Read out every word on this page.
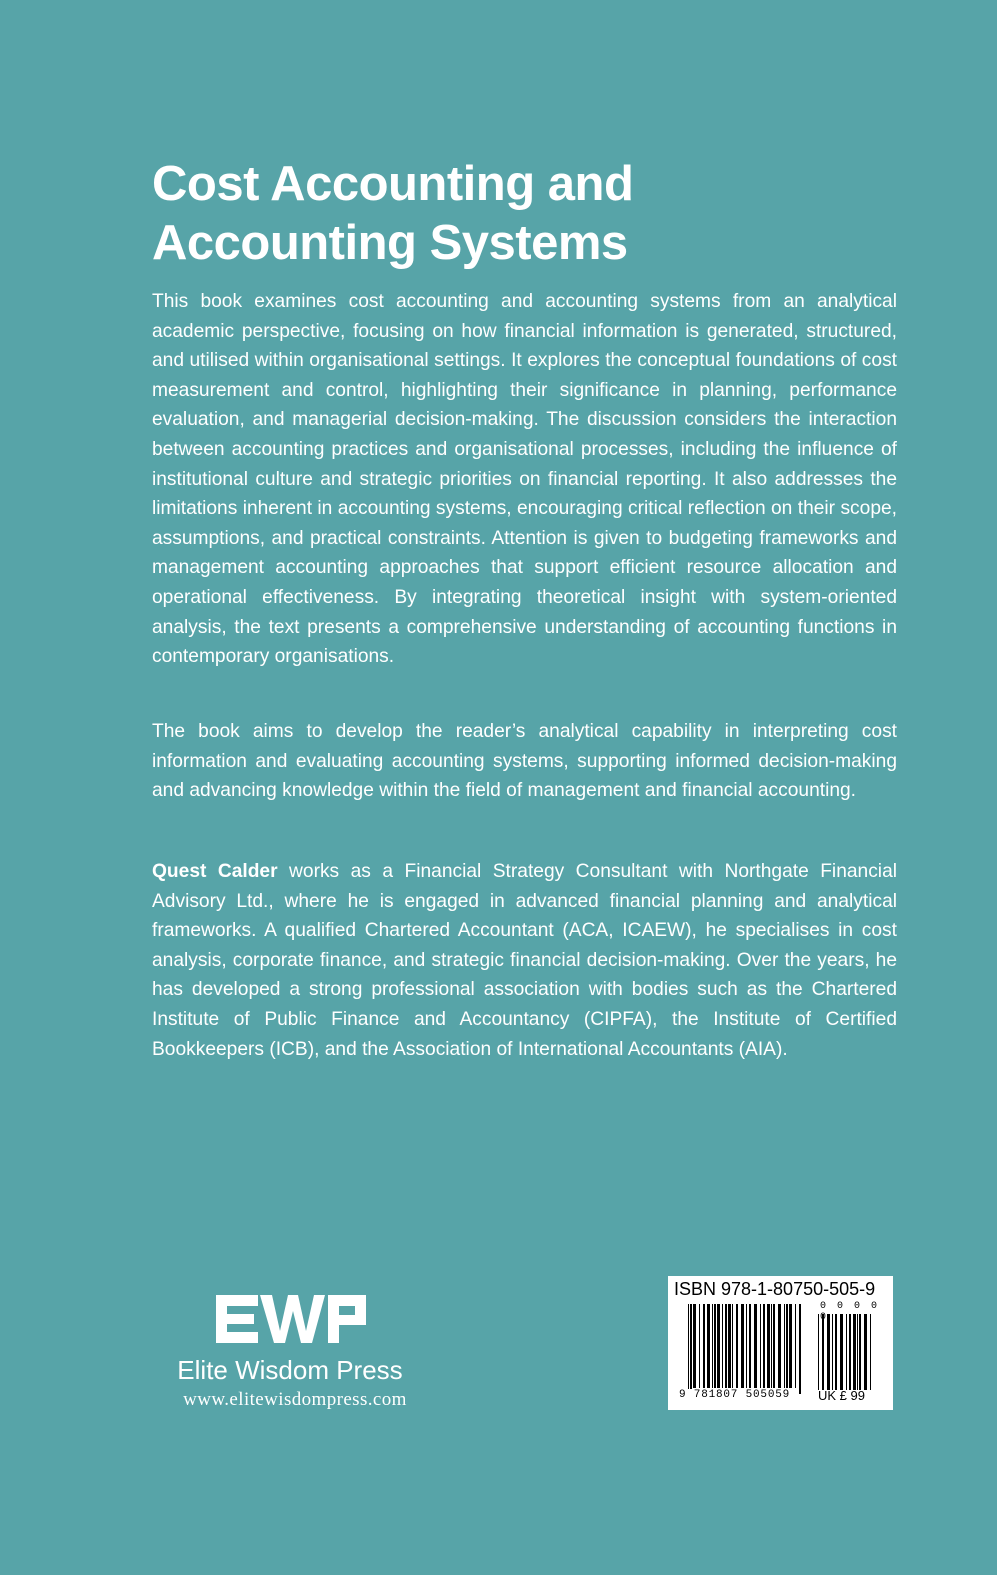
Cost Accounting and
Accounting Systems

This book examines cost accounting and accounting systems from an analytical academic perspective, focusing on how financial information is generated, structured, and utilised within organisational settings. It explores the conceptual foundations of cost measurement and control, highlighting their significance in planning, performance evaluation, and managerial decision-making. The discussion considers the interaction between accounting practices and organisational processes, including the influence of institutional culture and strategic priorities on financial reporting. It also addresses the limitations inherent in accounting systems, encouraging critical reflection on their scope, assumptions, and practical constraints. Attention is given to budgeting frameworks and management accounting approaches that support efficient resource allocation and operational effectiveness. By integrating theoretical insight with system-oriented analysis, the text presents a comprehensive understanding of accounting functions in contemporary organisations.

The book aims to develop the reader’s analytical capability in interpreting cost information and evaluating accounting systems, supporting informed decision-making and advancing knowledge within the field of management and financial accounting.

Quest Calder works as a Financial Strategy Consultant with Northgate Financial Advisory Ltd., where he is engaged in advanced financial planning and analytical frameworks. A qualified Chartered Accountant (ACA, ICAEW), he specialises in cost analysis, corporate finance, and strategic financial decision-making. Over the years, he has developed a strong professional association with bodies such as the Chartered Institute of Public Finance and Accountancy (CIPFA), the Institute of Certified Bookkeepers (ICB), and the Association of International Accountants (AIA).

Elite Wisdom Press
www.elitewisdompress.com
ISBN 978-1-80750-505-9
0 0 0 0 0
9 781807 505059 UK £ 99
